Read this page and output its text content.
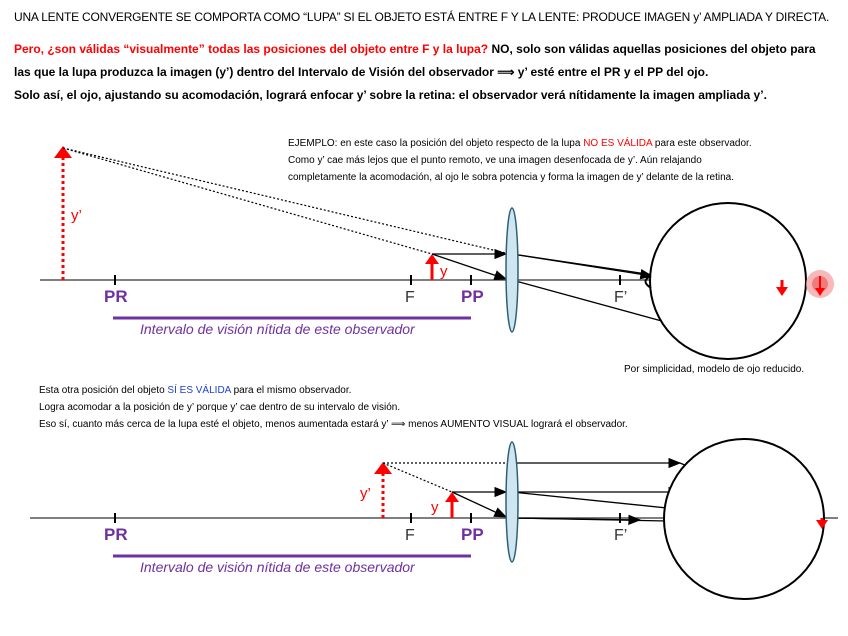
UNA LENTE CONVERGENTE SE COMPORTA COMO “LUPA” SI EL OBJETO ESTÁ ENTRE F Y LA LENTE: PRODUCE IMAGEN y’ AMPLIADA Y DIRECTA.
Pero, ¿son válidas “visualmente” todas las posiciones del objeto entre F y la lupa? NO, solo son válidas aquellas posiciones del objeto para
las que la lupa produzca la imagen (y’) dentro del Intervalo de Visión del observador ⟹ y’ esté entre el PR y el PP del ojo.
Solo así, el ojo, ajustando su acomodación, logrará enfocar y’ sobre la retina: el observador verá nítidamente la imagen ampliada y’.
EJEMPLO: en este caso la posición del objeto respecto de la lupa NO ES VÁLIDA para este observador.
Como y’ cae más lejos que el punto remoto, ve una imagen desenfocada de y’. Aún relajando
completamente la acomodación, al ojo le sobra potencia y forma la imagen de y’ delante de la retina.
Por simplicidad, modelo de ojo reducido.
Esta otra posición del objeto SÍ ES VÁLIDA para el mismo observador.
Logra acomodar a la posición de y’ porque y’ cae dentro de su intervalo de visión.
Eso sí, cuanto más cerca de la lupa esté el objeto, menos aumentada estará y’ ⟹ menos AUMENTO VISUAL logrará el observador.
PR	F	PP	F’
Intervalo de visión nítida de este observador
y’
y
PR	F	PP	F’
Intervalo de visión nítida de este observador
y’
y
